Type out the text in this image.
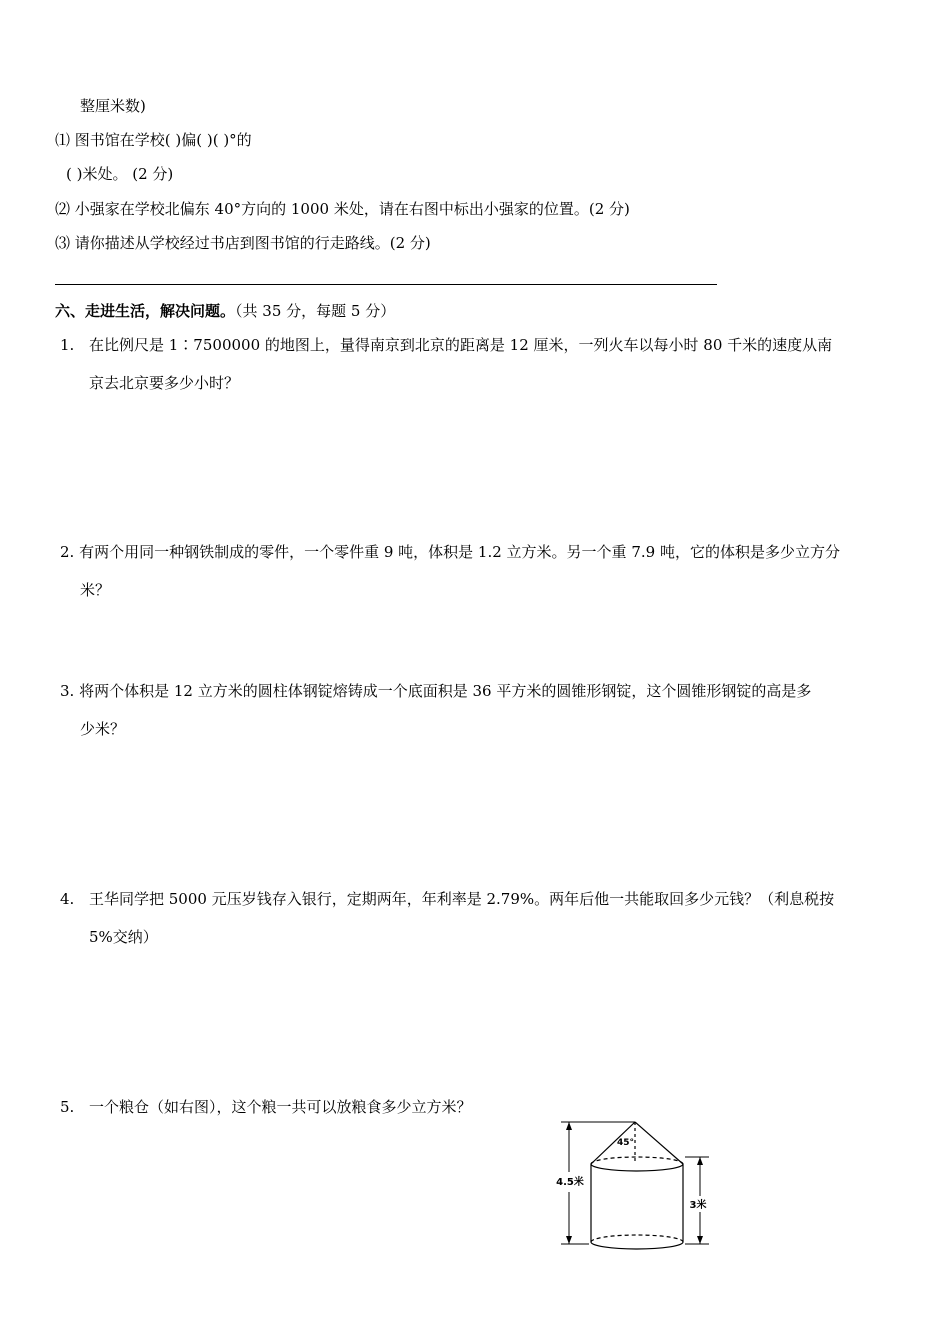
整厘米数)
⑴ 图书馆在学校( )偏( )( )°的
( )米处。 (2 分)
⑵ 小强家在学校北偏东 40°方向的 1000 米处，请在右图中标出小强家的位置。(2 分)
⑶ 请你描述从学校经过书店到图书馆的行走路线。(2 分)
六、走进生活，解决问题。（共 35 分，每题 5 分）
1. 在比例尺是 1∶7500000 的地图上，量得南京到北京的距离是 12 厘米，一列火车以每小时 80 千米的速度从南
京去北京要多少小时？
2. 有两个用同一种钢铁制成的零件，一个零件重 9 吨，体积是 1.2 立方米。另一个重 7.9 吨，它的体积是多少立方分
米？
3. 将两个体积是 12 立方米的圆柱体钢锭熔铸成一个底面积是 36 平方米的圆锥形钢锭，这个圆锥形钢锭的高是多
少米？
4. 王华同学把 5000 元压岁钱存入银行，定期两年，年利率是 2.79%。两年后他一共能取回多少元钱？（利息税按
5%交纳）
5. 一个粮仓（如右图），这个粮一共可以放粮食多少立方米？
4.5米
45°
3米
